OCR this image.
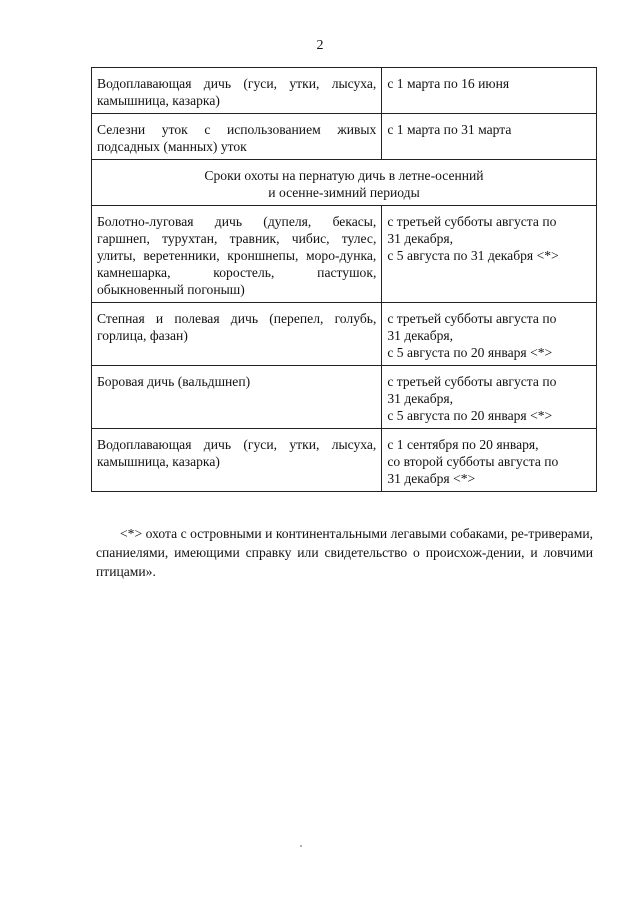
2
Водоплавающая дичь (гуси, утки, лысуха, камышница, казарка)	с 1 марта по 16 июня

Селезни уток с использованием живых подсадных (манных) уток	с 1 марта по 31 марта

Сроки охоты на пернатую дичь в летне-осенний
и осенне-зимний периоды	

Болотно-луговая дичь (дупеля, бекасы, гаршнеп, турухтан, травник, чибис, тулес, улиты, веретенники, кроншнепы, моро-дунка, камнешарка, коростель, пастушок, обыкновенный погоныш)	с третьей субботы августа по
31 декабря,
с 5 августа по 31 декабря <*>

Степная и полевая дичь (перепел, голубь, горлица, фазан)	с третьей субботы августа по
31 декабря,
с 5 августа по 20 января <*>

Боровая дичь (вальдшнеп)	с третьей субботы августа по
31 декабря,
с 5 августа по 20 января <*>

Водоплавающая дичь (гуси, утки, лысуха, камышница, казарка)	с 1 сентября по 20 января,
со второй субботы августа по
31 декабря <*>

<*> охота с островными и континентальными легавыми собаками, ре-триверами, спаниелями, имеющими справку или свидетельство о происхож-дении, и ловчими птицами».
